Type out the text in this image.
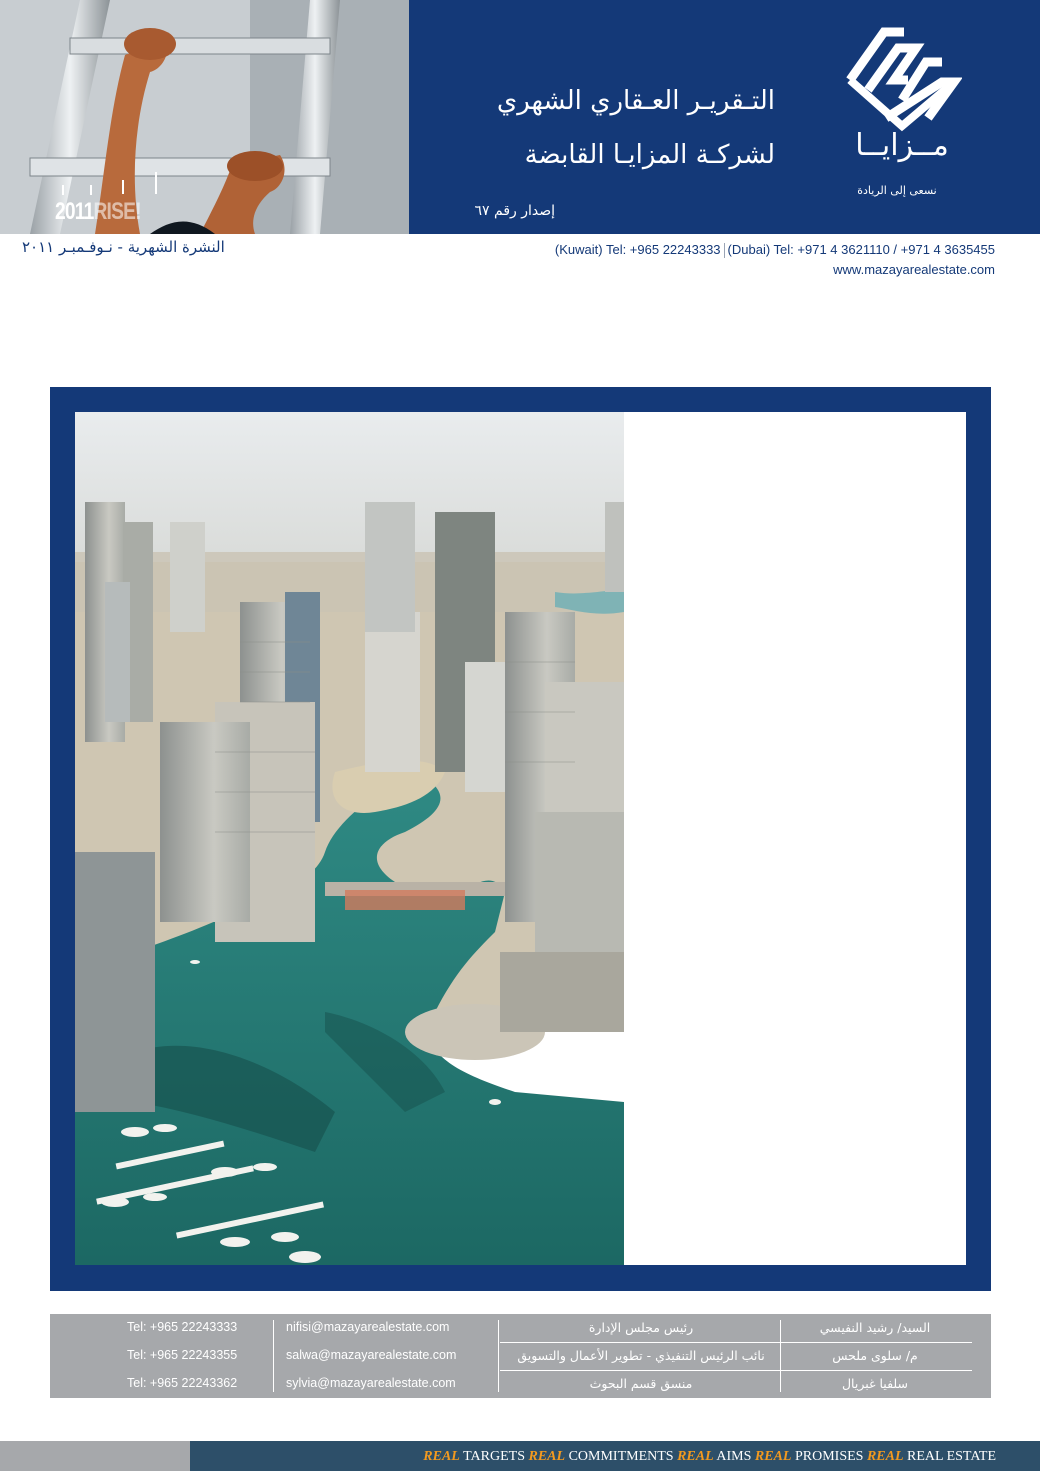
2011RISE!
التـقريـر العـقاري الشهري
لشركـة المزايـا القابضة
إصدار رقم ٦٧
مــزايــا
نسعى إلى الريادة
النشرة الشهرية - نـوفـمبـر ٢٠١١	(Kuwait) Tel: +965 22243333 (Dubai) Tel: +971 4 3621110 / +971 4 3635455
www.mazayarealestate.com
Tel: +965 22243333	nifisi@mazayarealestate.com	رئيس مجلس الإدارة	السيد/ رشيد النفيسي
Tel: +965 22243355	salwa@mazayarealestate.com	نائب الرئيس التنفيذي - تطوير الأعمال والتسويق	م/ سلوى ملحس
Tel: +965 22243362	sylvia@mazayarealestate.com	منسق قسم البحوث	سلفيا غبريال
REAL TARGETS REAL COMMITMENTS REAL AIMS REAL PROMISES REAL REAL ESTATE
